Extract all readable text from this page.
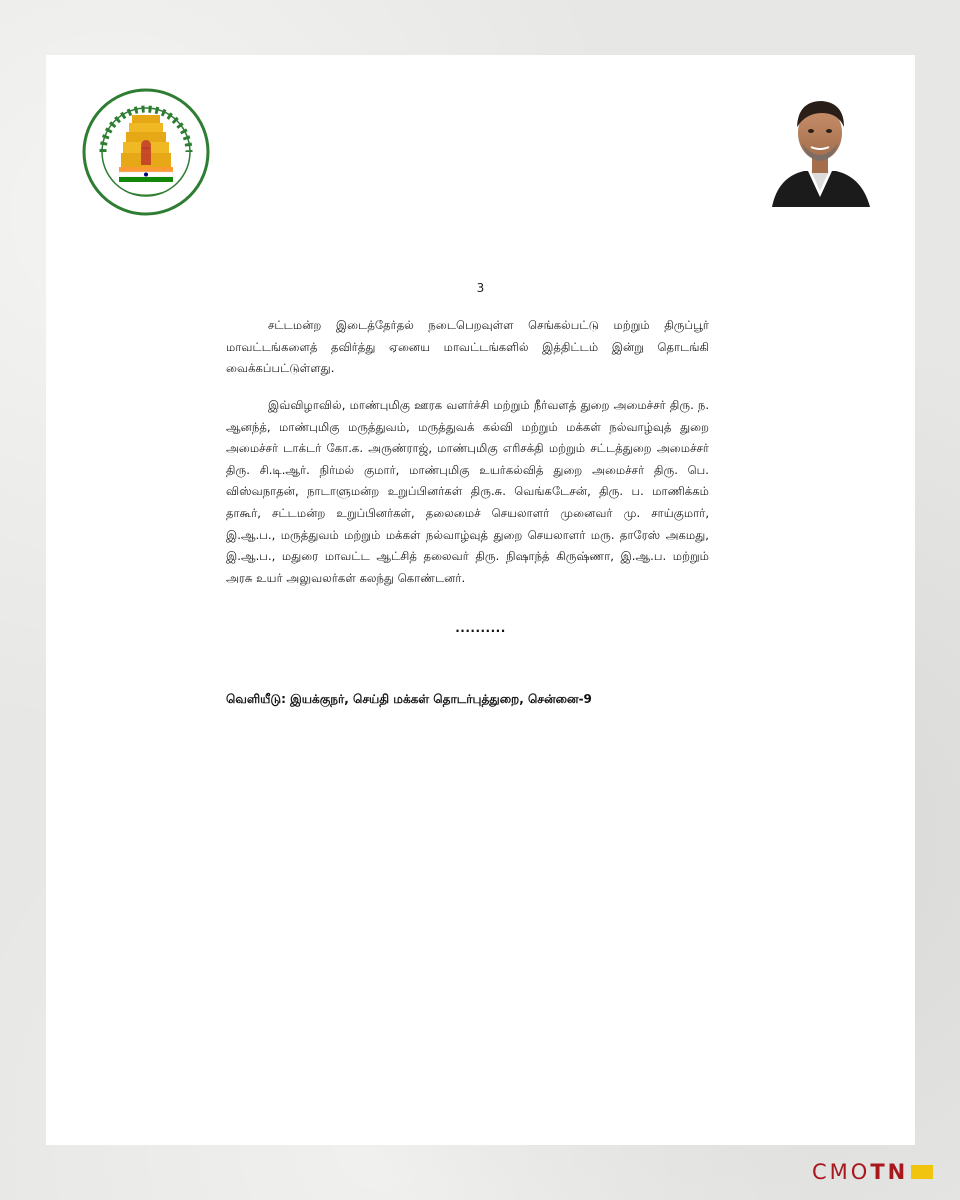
3

சட்டமன்ற இடைத்தேர்தல் நடைபெறவுள்ள செங்கல்பட்டு மற்றும் திருப்பூர் மாவட்டங்களைத் தவிர்த்து ஏனைய மாவட்டங்களில் இத்திட்டம் இன்று தொடங்கி வைக்கப்பட்டுள்ளது.

இவ்விழாவில், மாண்புமிகு ஊரக வளர்ச்சி மற்றும் நீர்வளத் துறை அமைச்சர் திரு. ந. ஆனந்த், மாண்புமிகு மருத்துவம், மருத்துவக் கல்வி மற்றும் மக்கள் நல்வாழ்வுத் துறை அமைச்சர் டாக்டர் கோ.க. அருண்ராஜ், மாண்புமிகு எரிசக்தி மற்றும் சட்டத்துறை அமைச்சர் திரு. சி.டி.ஆர். நிர்மல் குமார், மாண்புமிகு உயர்கல்வித் துறை அமைச்சர் திரு. பெ. விஸ்வநாதன், நாடாளுமன்ற உறுப்பினர்கள் திரு.சு. வெங்கடேசன், திரு. ப. மாணிக்கம் தாகூர், சட்டமன்ற உறுப்பினர்கள், தலைமைச் செயலாளர் முனைவர் மு. சாய்குமார், இ.ஆ.ப., மருத்துவம் மற்றும் மக்கள் நல்வாழ்வுத் துறை செயலாளர் மரு. தாரேஸ் அகமது, இ.ஆ.ப., மதுரை மாவட்ட ஆட்சித் தலைவர் திரு. நிஷாந்த் கிருஷ்ணா, இ.ஆ.ப. மற்றும் அரசு உயர் அலுவலர்கள் கலந்து கொண்டனர்.

..........
வெளியீடு: இயக்குநர், செய்தி மக்கள் தொடர்புத்துறை, சென்னை-9
CMOTN
